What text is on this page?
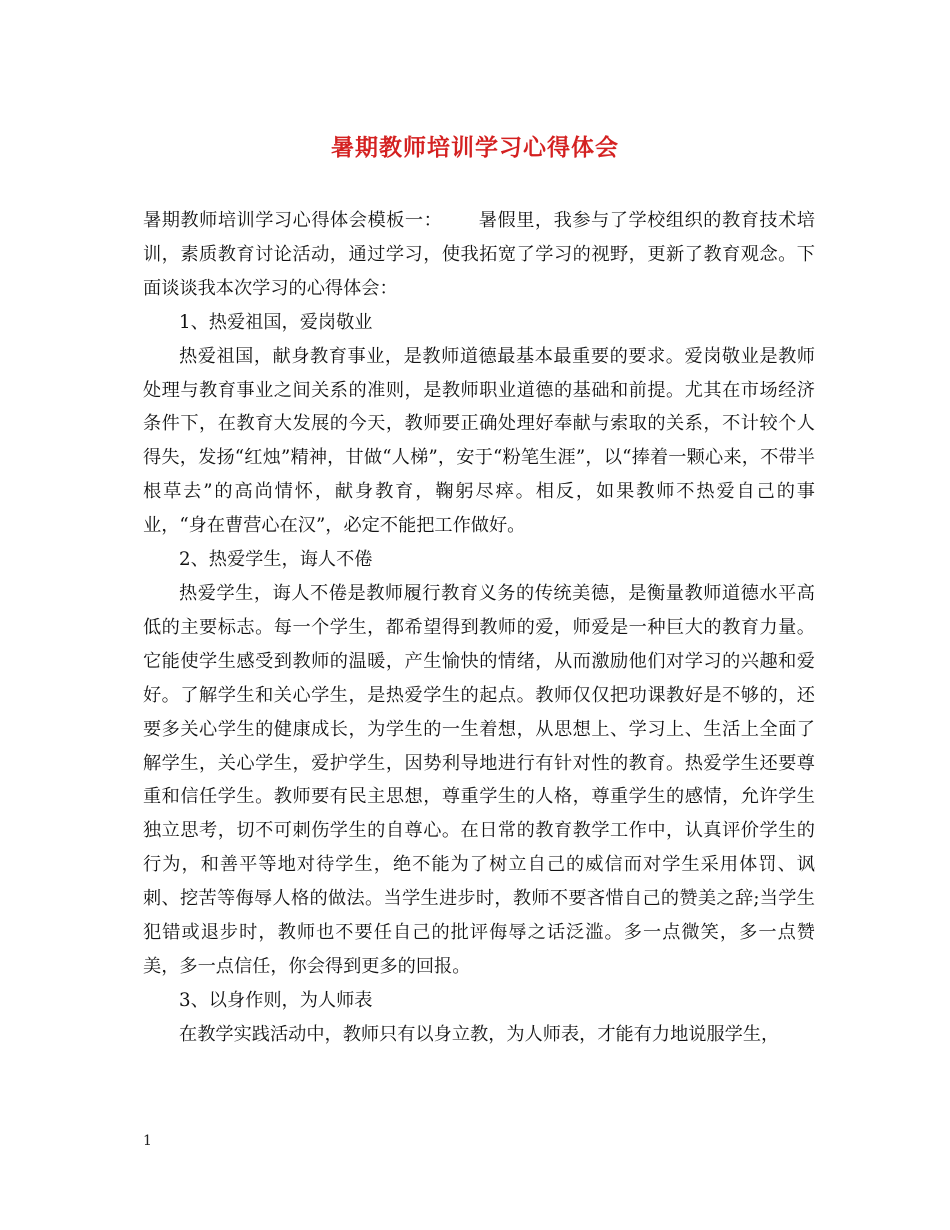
暑期教师培训学习心得体会

暑期教师培训学习心得体会模板一： 暑假里，我参与了学校组织的教育技术培训，素质教育讨论活动，通过学习，使我拓宽了学习的视野，更新了教育观念。下面谈谈我本次学习的心得体会：

1、热爱祖国，爱岗敬业

热爱祖国，献身教育事业，是教师道德最基本最重要的要求。爱岗敬业是教师处理与教育事业之间关系的准则，是教师职业道德的基础和前提。尤其在市场经济条件下，在教育大发展的今天，教师要正确处理好奉献与索取的关系，不计较个人得失，发扬“红烛”精神，甘做“人梯”，安于“粉笔生涯”，以“捧着一颗心来，不带半根草去”的高尚情怀，献身教育，鞠躬尽瘁。相反，如果教师不热爱自己的事业，“身在曹营心在汉”，必定不能把工作做好。

2、热爱学生，诲人不倦

热爱学生，诲人不倦是教师履行教育义务的传统美德，是衡量教师道德水平高低的主要标志。每一个学生，都希望得到教师的爱，师爱是一种巨大的教育力量。它能使学生感受到教师的温暖，产生愉快的情绪，从而激励他们对学习的兴趣和爱好。了解学生和关心学生，是热爱学生的起点。教师仅仅把功课教好是不够的，还要多关心学生的健康成长，为学生的一生着想，从思想上、学习上、生活上全面了解学生，关心学生，爱护学生，因势利导地进行有针对性的教育。热爱学生还要尊重和信任学生。教师要有民主思想，尊重学生的人格，尊重学生的感情，允许学生独立思考，切不可刺伤学生的自尊心。在日常的教育教学工作中，认真评价学生的行为，和善平等地对待学生，绝不能为了树立自己的威信而对学生采用体罚、讽刺、挖苦等侮辱人格的做法。当学生进步时，教师不要吝惜自己的赞美之辞;当学生犯错或退步时，教师也不要任自己的批评侮辱之话泛滥。多一点微笑，多一点赞美，多一点信任，你会得到更多的回报。

3、以身作则，为人师表

在教学实践活动中，教师只有以身立教，为人师表，才能有力地说服学生，

1
